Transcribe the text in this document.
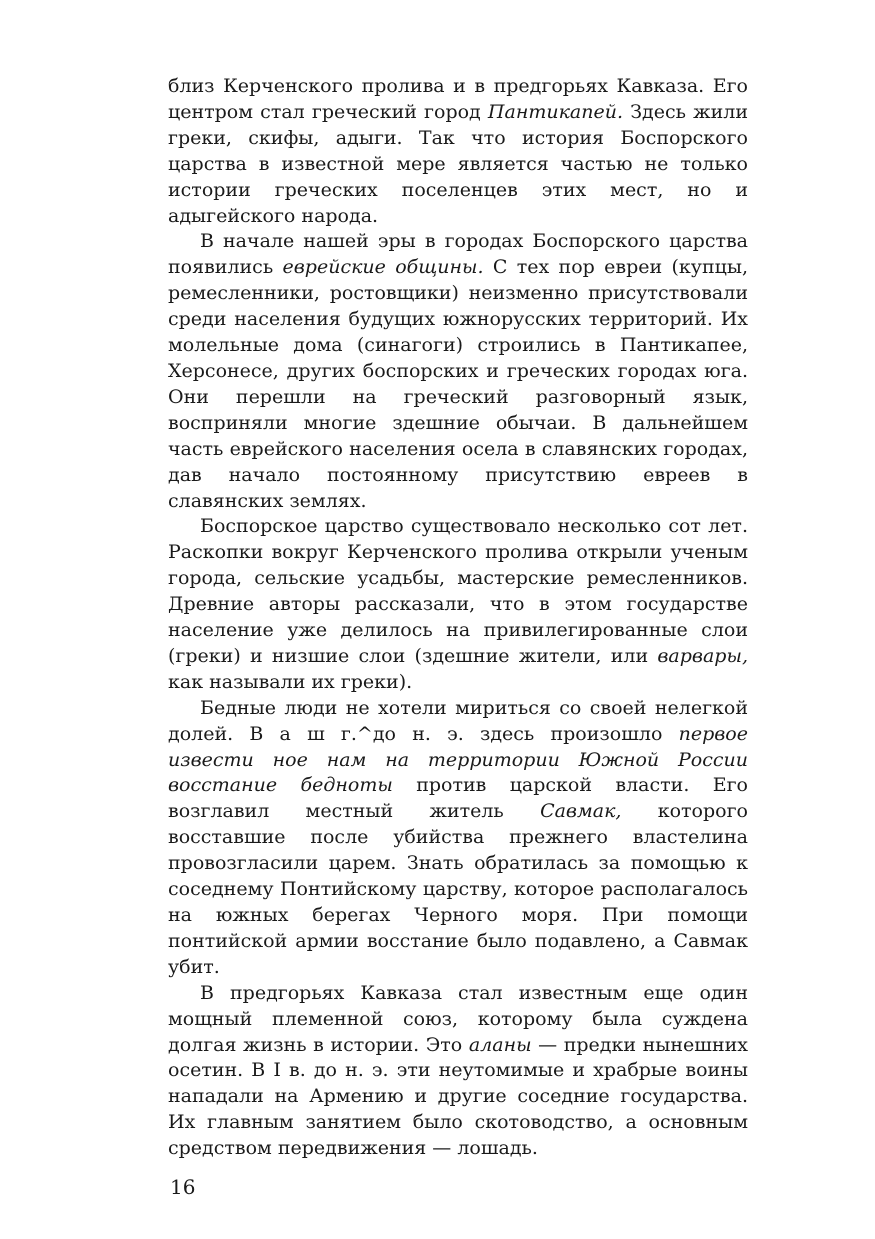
близ Керченского пролива и в предгорьях Кавказа. Его центром стал греческий город Пантикапей. Здесь жили греки, скифы, адыги. Так что история Боспорского царства в известной мере является частью не только истории греческих поселенцев этих мест, но и адыгейского народа.

В начале нашей эры в городах Боспорского царства появились еврейские общины. С тех пор евреи (купцы, ремесленники, ростовщики) неизменно присутствовали среди населения будущих южнорусских территорий. Их молельные дома (синагоги) строились в Пантикапее, Херсонесе, других боспорских и греческих городах юга. Они перешли на греческий разговорный язык, восприняли многие здешние обычаи. В дальнейшем часть еврейского населения осела в славянских городах, дав начало постоянному присутствию евреев в славянских землях.

Боспорское царство существовало несколько сот лет. Раскопки вокруг Керченского пролива открыли ученым города, сельские усадьбы, мастерские ремесленников. Древние авторы рассказали, что в этом государстве население уже делилось на привилегированные слои (греки) и низшие слои (здешние жители, или варвары, как называли их греки).

Бедные люди не хотели мириться со своей нелегкой долей. В а ш г.^до н. э. здесь произошло первое извести ное нам на территории Южной России восстание бедноты против царской власти. Его возглавил местный житель Савмак, которого восставшие после убийства прежнего властелина провозгласили царем. Знать обратилась за помощью к соседнему Понтийскому царству, которое располагалось на южных берегах Черного моря. При помощи понтийской армии восстание было подавлено, а Савмак убит.

В предгорьях Кавказа стал известным еще один мощный племенной союз, которому была суждена долгая жизнь в истории. Это аланы — предки нынешних осетин. В I в. до н. э. эти неутомимые и храбрые воины нападали на Армению и другие соседние государства. Их главным занятием было скотоводство, а основным средством передвижения — лошадь.

16
